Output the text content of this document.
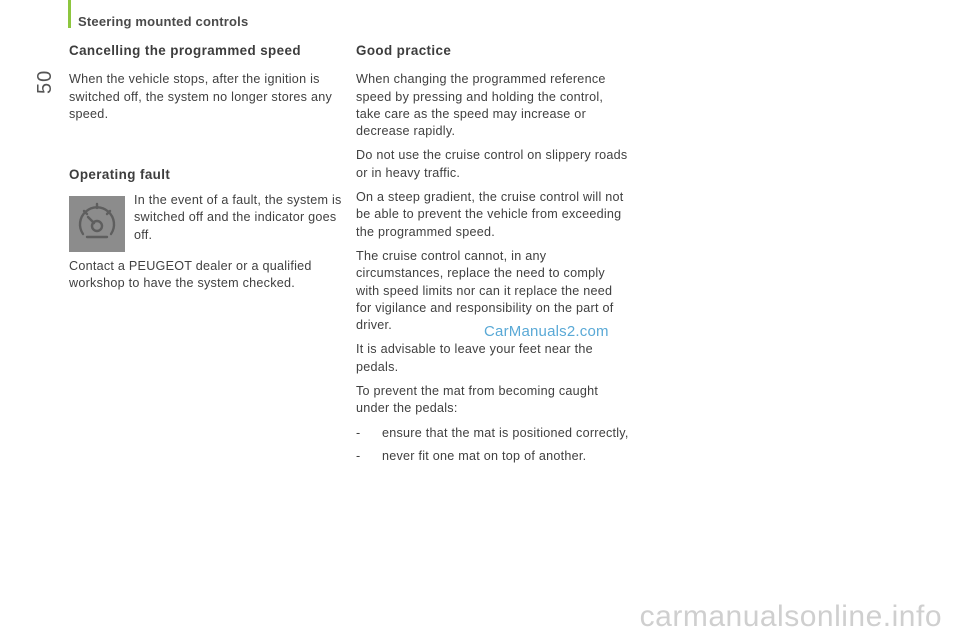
Steering mounted controls
50
Cancelling the programmed speed

When the vehicle stops, after the ignition is switched off, the system no longer stores any speed.

Operating fault
In the event of a fault, the system is switched off and the indicator goes off.
Contact a PEUGEOT dealer or a qualified workshop to have the system checked.
Good practice

When changing the programmed reference speed by pressing and holding the control, take care as the speed may increase or decrease rapidly.

Do not use the cruise control on slippery roads or in heavy traffic.

On a steep gradient, the cruise control will not be able to prevent the vehicle from exceeding the programmed speed.

The cruise control cannot, in any circumstances, replace the need to comply with speed limits nor can it replace the need for vigilance and responsibility on the part of driver.

It is advisable to leave your feet near the pedals.

To prevent the mat from becoming caught under the pedals:

-	ensure that the mat is positioned correctly,
-	never fit one mat on top of another.
CarManuals2.com
carmanualsonline.info
